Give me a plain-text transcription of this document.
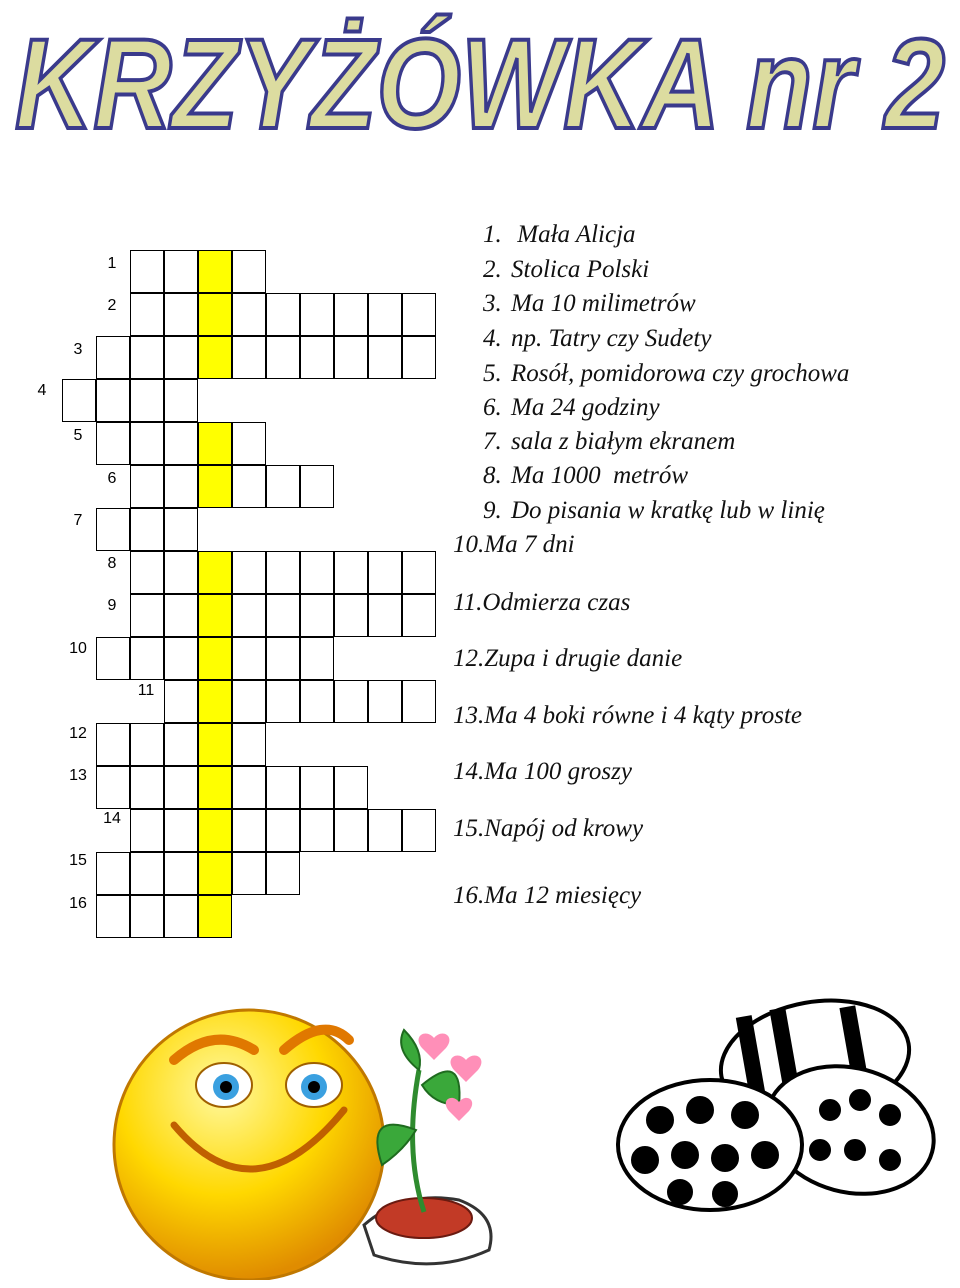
KRZYŻÓWKA nr 2
1
2
3
4
5
6
7
8
9
10
11
12
13
14
15
16
1. Mała Alicja
2. Stolica Polski
3. Ma 10 milimetrów
4. np. Tatry czy Sudety
5. Rosół, pomidorowa czy grochowa
6. Ma 24 godziny
7. sala z białym ekranem
8. Ma 1000  metrów
9. Do pisania w kratkę lub w linię
10.Ma 7 dni
11.Odmierza czas
12.Zupa i drugie danie
13.Ma 4 boki równe i 4 kąty proste
14.Ma 100 groszy
15.Napój od krowy
16.Ma 12 miesięcy
